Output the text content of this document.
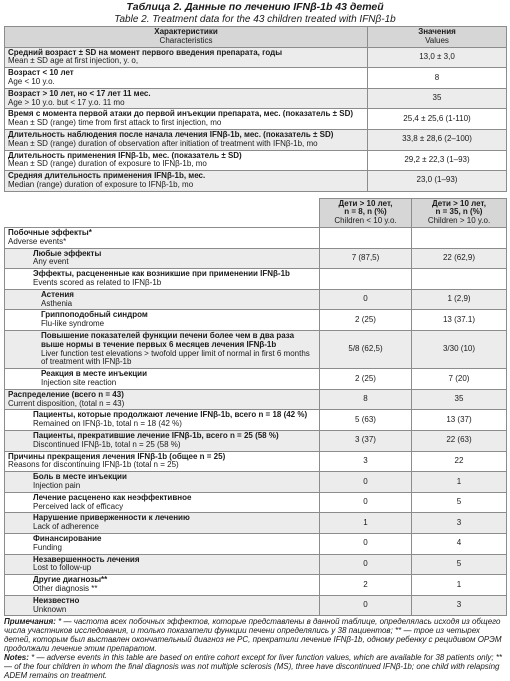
Таблица 2. Данные по лечению IFNβ-1b 43 детей
Table 2. Treatment data for the 43 children treated with IFNβ-1b
Характеристики
Characteristics	Значения
Values

Средний возраст ± SD на момент первого введения препарата, годы
Mean ± SD age at first injection, y. o,	13,0 ± 3,0

Возраст < 10 лет
Age < 10 y.o.	8

Возраст > 10 лет, но < 17 лет 11 мес.
Age > 10 y.o. but < 17 y.o. 11 mo	35

Время с момента первой атаки до первой инъекции препарата, мес. (показатель ± SD)
Mean ± SD (range) time from first attack to first injection, mo	25,4 ± 25,6 (1-110)

Длительность наблюдения после начала лечения IFNβ-1b, мес. (показатель ± SD)
Mean ± SD (range) duration of observation after initiation of treatment with IFNβ-1b, mo	33,8 ± 28,6 (2–100)

Длительность применения IFNβ-1b, мес. (показатель ± SD)
Mean ± SD (range) duration of exposure to IFNβ-1b, mo	29,2 ± 22,3 (1–93)

Средняя длительность применения IFNβ-1b, мес.
Median (range) duration of exposure to IFNβ-1b, mo	23,0 (1–93)

	Дети > 10 лет,
n = 8, n (%)
Children < 10 y.o.	Дети > 10 лет,
n = 35, n (%)
Children > 10 y.o.

Побочные эффекты*
Adverse events*		

Любые эффекты
Any event	7 (87,5)	22 (62,9)

Эффекты, расцененные как возникшие при применении IFNβ-1b
Events scored as related to IFNβ-1b		

Астения
Asthenia	0	1 (2,9)

Гриппоподобный синдром
Flu-like syndrome	2 (25)	13 (37.1)

Повышение показателей функции печени более чем в два раза выше нормы в течение первых 6 месяцев лечения IFNβ-1b
Liver function test elevations > twofold upper limit of normal in first 6 months of treatment with IFNβ-1b	5/8 (62,5)	3/30 (10)

Реакция в месте инъекции
Injection site reaction	2 (25)	7 (20)

Распределение (всего n = 43)
Current disposition, (total n = 43)	8	35

Пациенты, которые продолжают лечение IFNβ-1b, всего n = 18 (42 %)
Remained on IFNβ-1b, total n = 18 (42 %)	5 (63)	13 (37)

Пациенты, прекратившие лечение IFNβ-1b, всего n = 25 (58 %)
Discontinued IFNβ-1b, total n = 25 (58 %)	3 (37)	22 (63)

Причины прекращения лечения IFNβ-1b (общее n = 25)
Reasons for discontinuing IFNβ-1b (total n = 25)	3	22

Боль в месте инъекции
Injection pain	0	1

Лечение расценено как неэффективное
Perceived lack of efficacy	0	5

Нарушение приверженности к лечению
Lack of adherence	1	3

Финансирование
Funding	0	4

Незавершенность лечения
Lost to follow-up	0	5

Другие диагнозы**
Other diagnosis **	2	1

Неизвестно
Unknown	0	3

Примечания: * — частота всех побочных эффектов, которые представлены в данной таблице, определялась исходя из общего числа участников исследования, и только показатели функции печени определялись у 38 пациентов; ** — трое из четырех детей, которым был выставлен окончательный диагноз не РС, прекратили лечение IFNβ-1b, одному ребенку с рецидивом ОРЭМ продолжали лечение этим препаратом.

Notes: * — adverse events in this table are based on entire cohort except for liver function values, which are available for 38 patients only; ** — of the four children in whom the final diagnosis was not multiple sclerosis (MS), three have discontinued IFNβ-1b; one child with relapsing ADEM remains on treatment.
